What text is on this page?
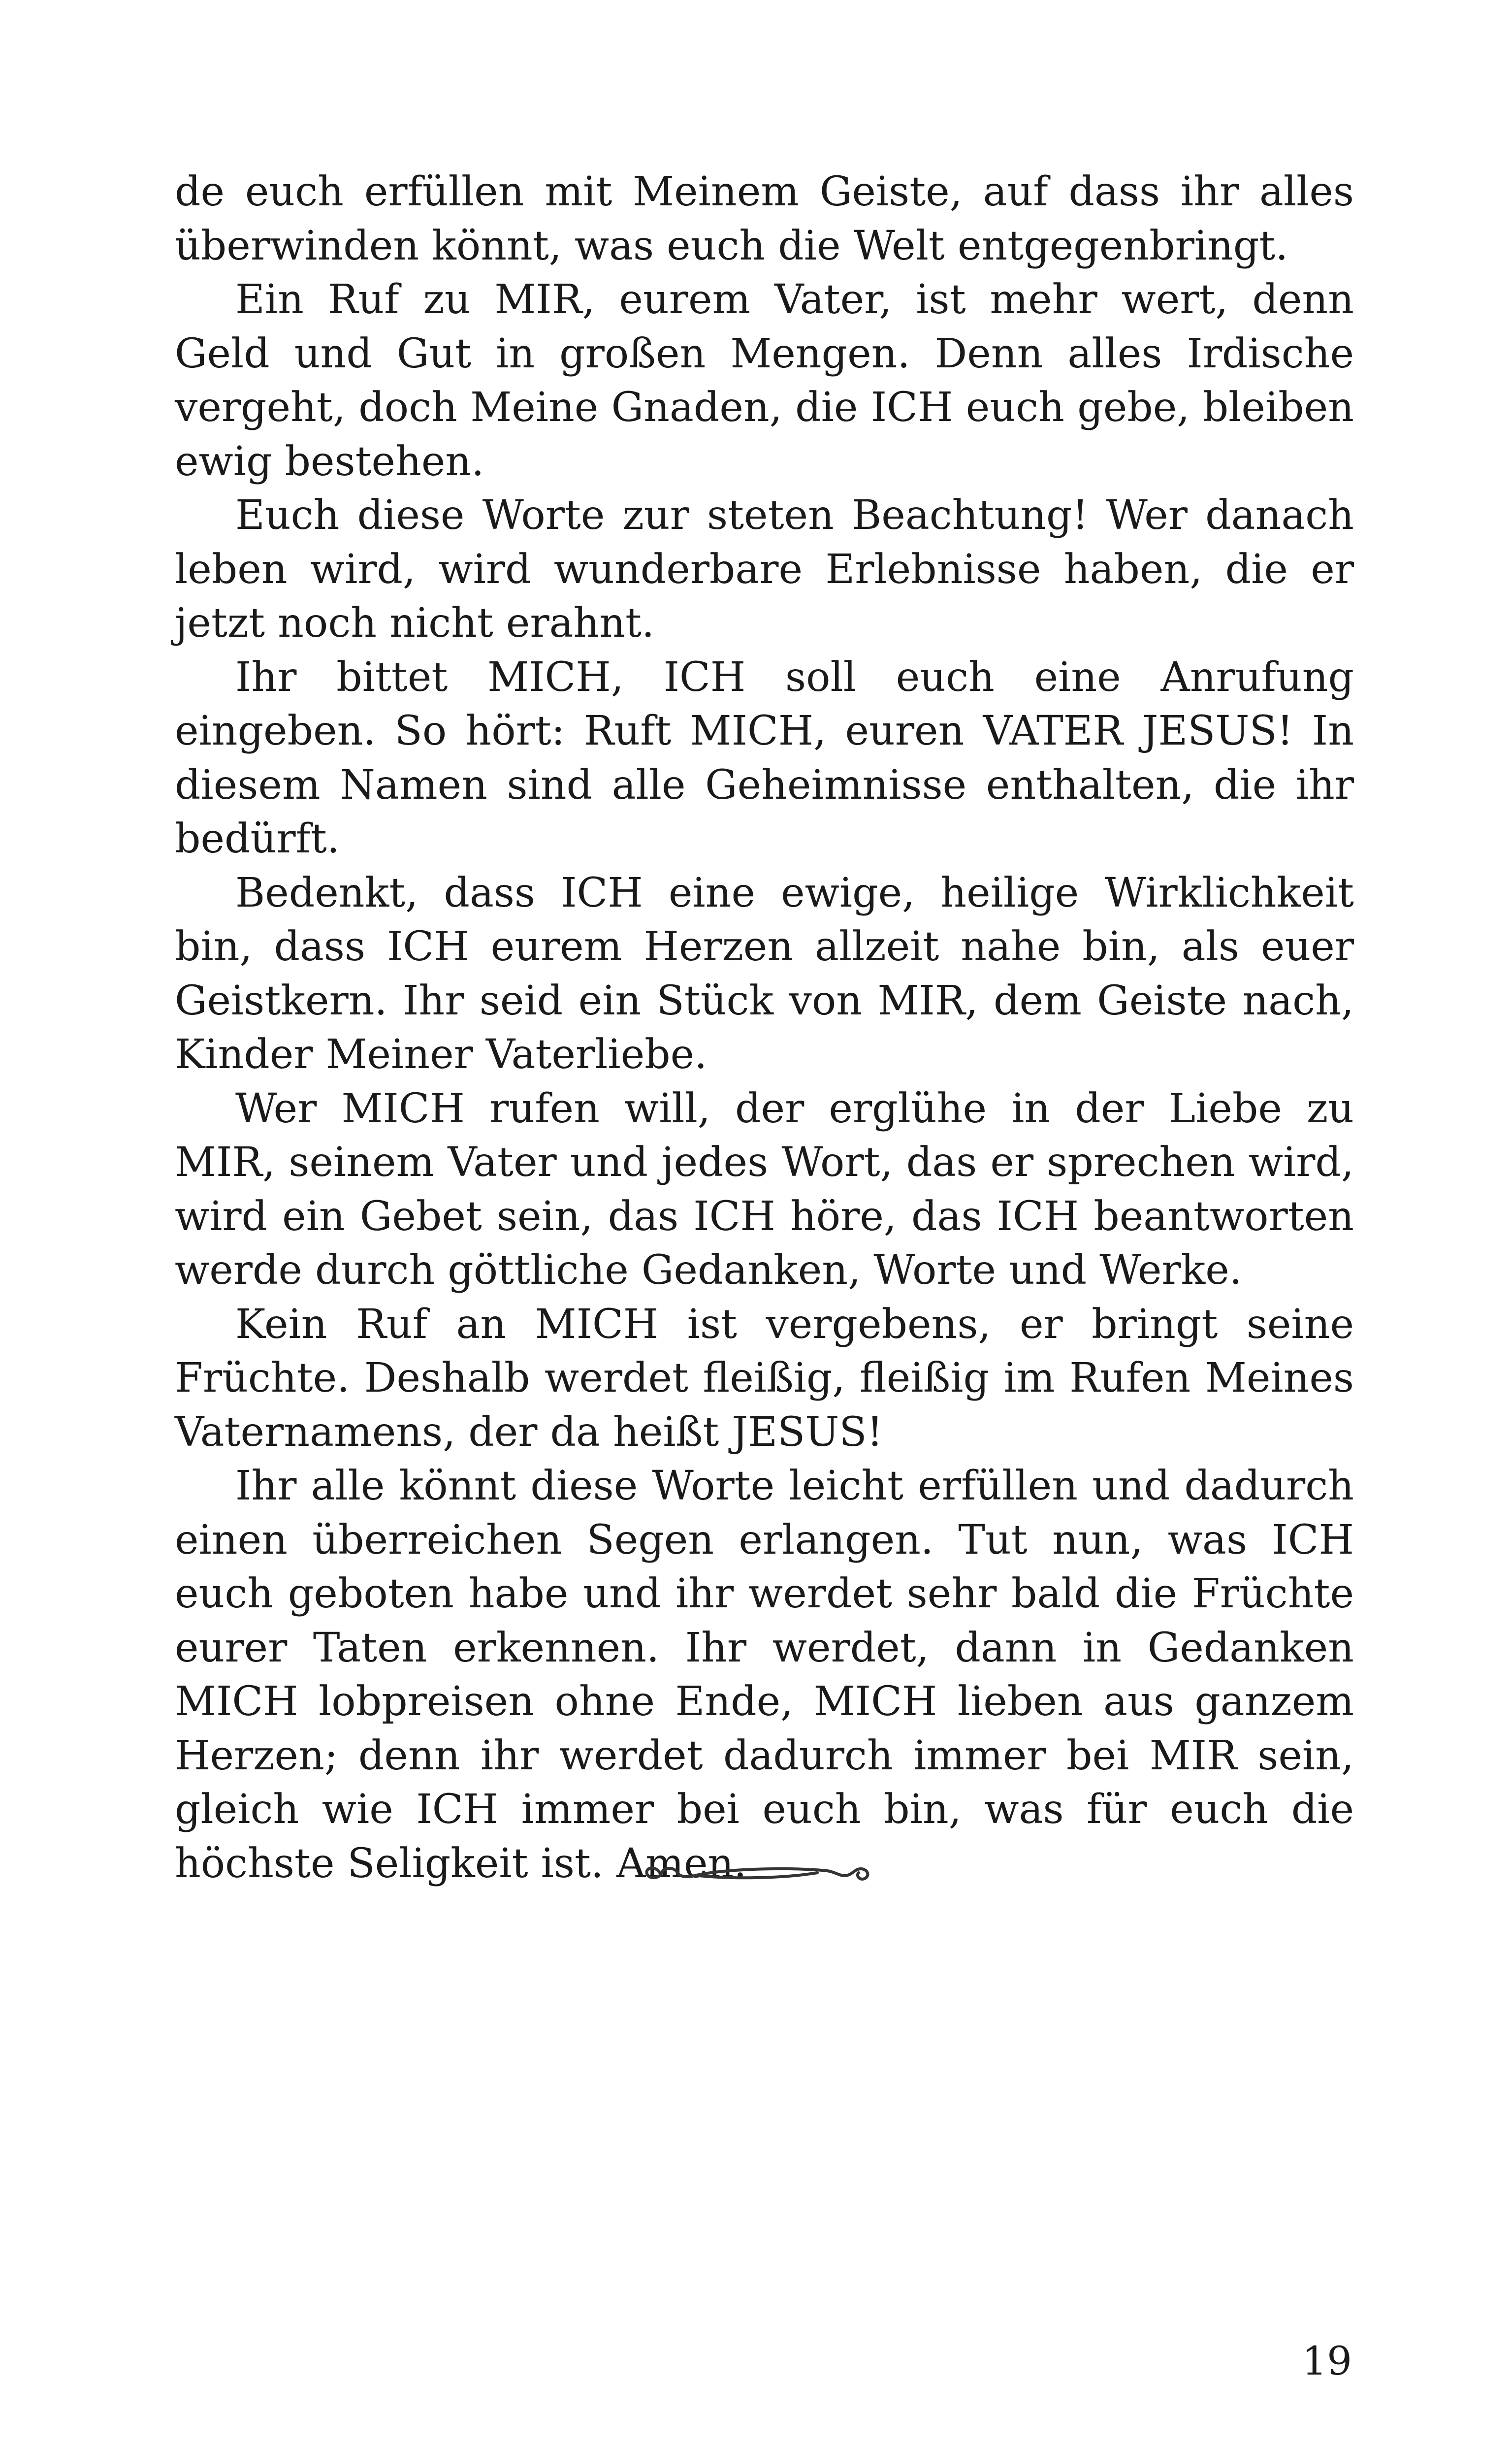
de euch erfüllen mit Meinem Geiste, auf dass ihr alles überwinden könnt, was euch die Welt entgegenbringt.

Ein Ruf zu MIR, eurem Vater, ist mehr wert, denn Geld und Gut in großen Mengen. Denn alles Irdische vergeht, doch Meine Gnaden, die ICH euch gebe, bleiben ewig bestehen.

Euch diese Worte zur steten Beachtung! Wer danach leben wird, wird wunderbare Erlebnisse haben, die er jetzt noch nicht erahnt.

Ihr bittet MICH, ICH soll euch eine Anrufung eingeben. So hört: Ruft MICH, euren VATER JESUS! In diesem Namen sind alle Geheimnisse enthalten, die ihr bedürft.

Bedenkt, dass ICH eine ewige, heilige Wirklichkeit bin, dass ICH eurem Herzen allzeit nahe bin, als euer Geistkern. Ihr seid ein Stück von MIR, dem Geiste nach, Kinder Meiner Vaterliebe.

Wer MICH rufen will, der erglühe in der Liebe zu MIR, seinem Vater und jedes Wort, das er sprechen wird, wird ein Gebet sein, das ICH höre, das ICH beantworten werde durch göttliche Gedanken, Worte und Werke.

Kein Ruf an MICH ist vergebens, er bringt seine Früchte. Deshalb werdet fleißig, fleißig im Rufen Meines Vaternamens, der da heißt JESUS!

Ihr alle könnt diese Worte leicht erfüllen und dadurch einen überreichen Segen erlangen. Tut nun, was ICH euch geboten habe und ihr werdet sehr bald die Früchte eurer Taten erkennen. Ihr werdet, dann in Gedanken MICH lobpreisen ohne Ende, MICH lieben aus ganzem Herzen; denn ihr werdet dadurch immer bei MIR sein, gleich wie ICH immer bei euch bin, was für euch die höchste Seligkeit ist. Amen.

19
